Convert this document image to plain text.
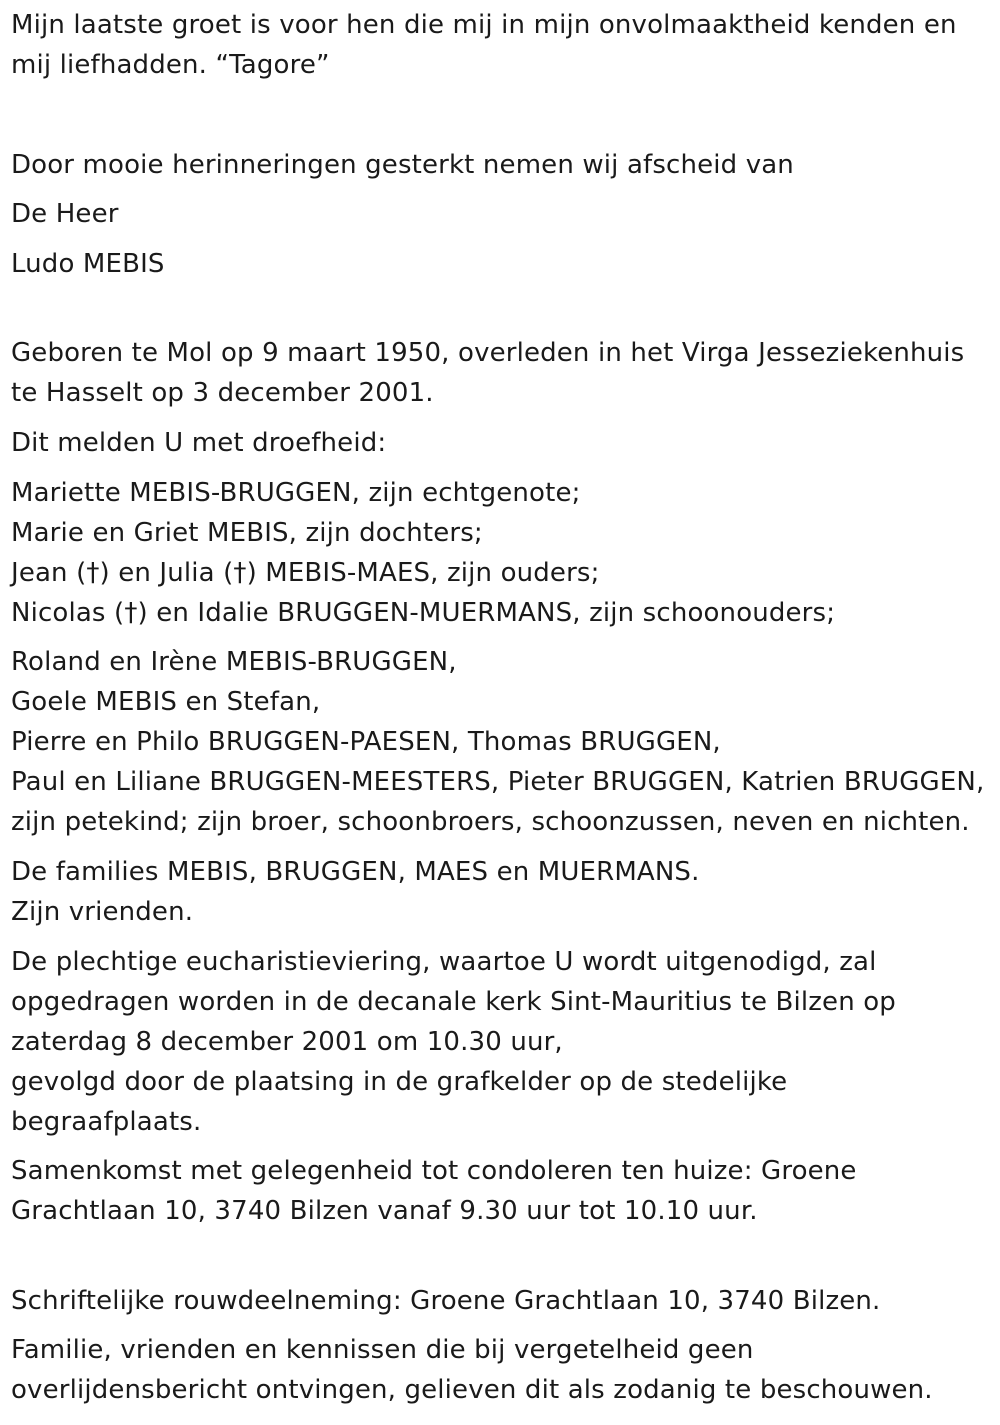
Mijn laatste groet is voor hen die mij in mijn onvolmaaktheid kenden en
mij liefhadden. “Tagore”

Door mooie herinneringen gesterkt nemen wij afscheid van

De Heer

Ludo MEBIS

Geboren te Mol op 9 maart 1950, overleden in het Virga Jesseziekenhuis
te Hasselt op 3 december 2001.

Dit melden U met droefheid:

Mariette MEBIS-BRUGGEN, zijn echtgenote;
Marie en Griet MEBIS, zijn dochters;
Jean (†) en Julia (†) MEBIS-MAES, zijn ouders;
Nicolas (†) en Idalie BRUGGEN-MUERMANS, zijn schoonouders;

Roland en Irène MEBIS-BRUGGEN,
Goele MEBIS en Stefan,
Pierre en Philo BRUGGEN-PAESEN, Thomas BRUGGEN,
Paul en Liliane BRUGGEN-MEESTERS, Pieter BRUGGEN, Katrien BRUGGEN,
zijn petekind; zijn broer, schoonbroers, schoonzussen, neven en nichten.

De families MEBIS, BRUGGEN, MAES en MUERMANS.
Zijn vrienden.

De plechtige eucharistieviering, waartoe U wordt uitgenodigd, zal
opgedragen worden in de decanale kerk Sint-Mauritius te Bilzen op
zaterdag 8 december 2001 om 10.30 uur,
gevolgd door de plaatsing in de grafkelder op de stedelijke
begraafplaats.

Samenkomst met gelegenheid tot condoleren ten huize: Groene
Grachtlaan 10, 3740 Bilzen vanaf 9.30 uur tot 10.10 uur.

Schriftelijke rouwdeelneming: Groene Grachtlaan 10, 3740 Bilzen.

Familie, vrienden en kennissen die bij vergetelheid geen
overlijdensbericht ontvingen, gelieven dit als zodanig te beschouwen.
